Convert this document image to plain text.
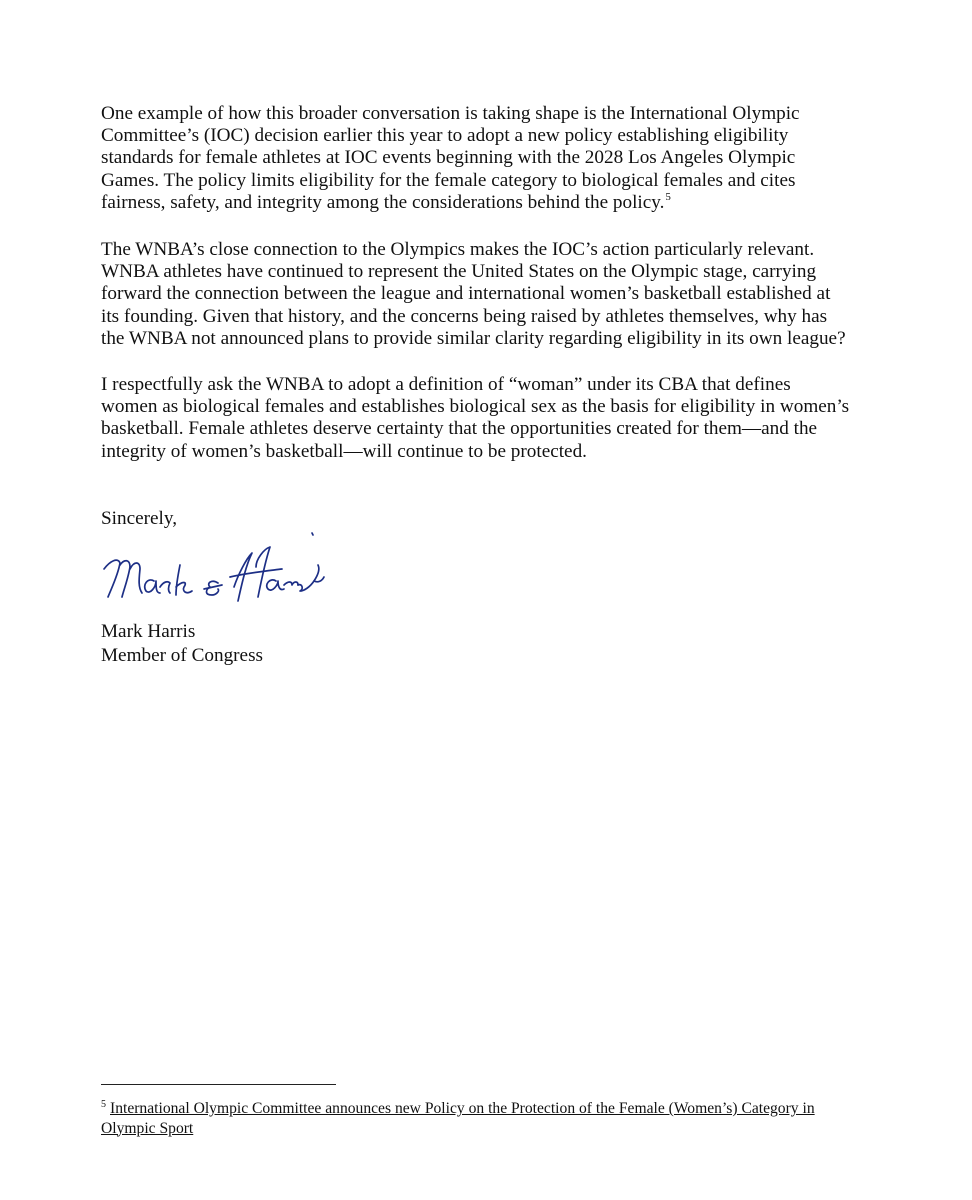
One example of how this broader conversation is taking shape is the International Olympic
Committee’s (IOC) decision earlier this year to adopt a new policy establishing eligibility
standards for female athletes at IOC events beginning with the 2028 Los Angeles Olympic
Games. The policy limits eligibility for the female category to biological females and cites
fairness, safety, and integrity among the considerations behind the policy.$^5$

The WNBA’s close connection to the Olympics makes the IOC’s action particularly relevant.
WNBA athletes have continued to represent the United States on the Olympic stage, carrying
forward the connection between the league and international women’s basketball established at
its founding. Given that history, and the concerns being raised by athletes themselves, why has
the WNBA not announced plans to provide similar clarity regarding eligibility in its own league?

I respectfully ask the WNBA to adopt a definition of “woman” under its CBA that defines
women as biological females and establishes biological sex as the basis for eligibility in women’s
basketball. Female athletes deserve certainty that the opportunities created for them—and the
integrity of women’s basketball—will continue to be protected.

Sincerely,
Mark Harris
Member of Congress
$^5$ International Olympic Committee announces new Policy on the Protection of the Female (Women’s) Category in
Olympic Sport
